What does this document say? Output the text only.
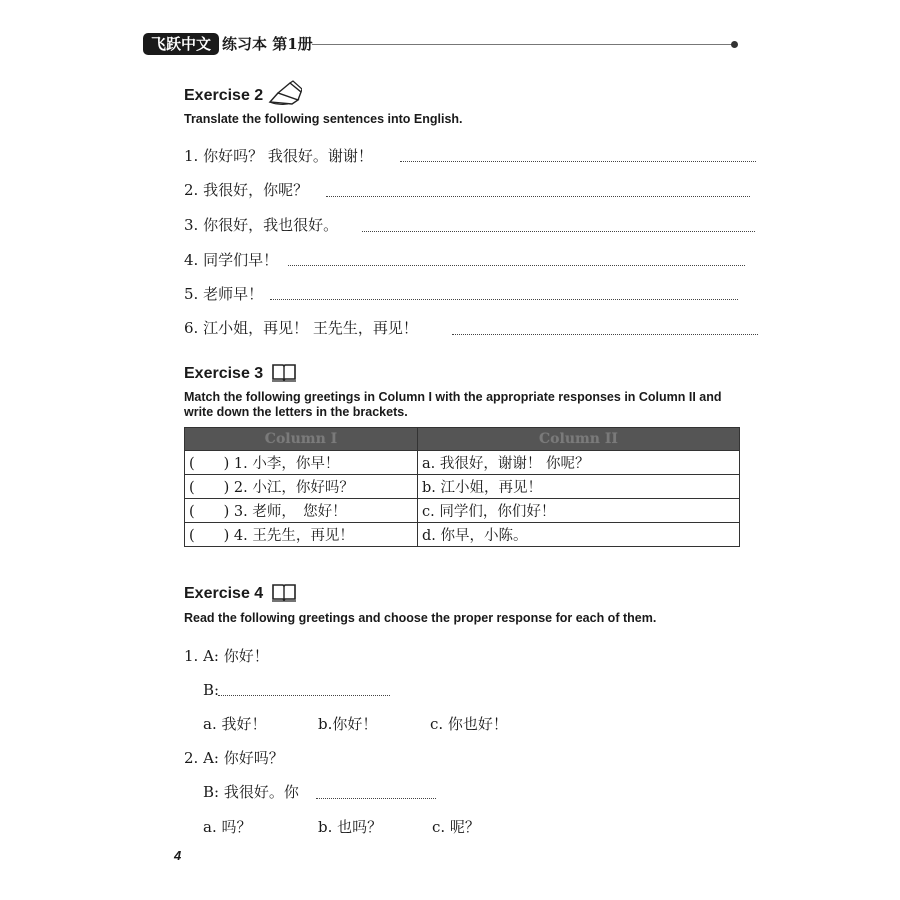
飞跃中文 练习本 第1册
Exercise 2
Translate the following sentences into English.
1. 你好吗？ 我很好。谢谢！
2. 我很好，你呢？
3. 你很好，我也很好。
4. 同学们早！
5. 老师早！
6. 江小姐，再见！ 王先生，再见！
Exercise 3
Match the following greetings in Column I with the appropriate responses in Column II and
write down the letters in the brackets.
Column I	Column II
(　　) 1. 小李，你早！	a. 我很好，谢谢！ 你呢？
(　　) 2. 小江，你好吗？	b. 江小姐，再见！
(　　) 3. 老师，　您好！	c. 同学们，你们好！
(　　) 4. 王先生，再见！	d. 你早，小陈。
Exercise 4
Read the following greetings and choose the proper response for each of them.
1. A: 你好！
B:
a. 我好！	b.你好！	c. 你也好！
2. A: 你好吗？
B: 我很好。你
a. 吗？	b. 也吗？	c. 呢？
4
